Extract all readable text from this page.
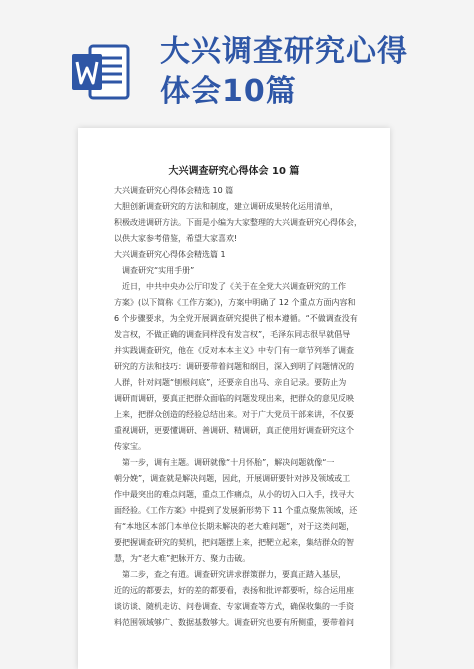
大兴调查研究心得
体会10篇
大兴调查研究心得体会 10 篇
大兴调查研究心得体会精选 10 篇
大胆创新调查研究的方法和制度，建立调研成果转化运用清单，
积极改进调研方法。下面是小编为大家整理的大兴调查研究心得体会，
以供大家参考借鉴，希望大家喜欢!
大兴调查研究心得体会精选篇 1
调查研究“实用手册”
近日，中共中央办公厅印发了《关于在全党大兴调查研究的工作
方案》(以下简称《工作方案》)，方案中明确了 12 个重点方面内容和
6 个步骤要求，为全党开展调查研究提供了根本遵循。“不做调查没有
发言权，不做正确的调查同样没有发言权”，毛泽东同志很早就倡导
并实践调查研究，他在《反对本本主义》中专门有一章节列举了调查
研究的方法和技巧：调研要带着问题和纲目，深入到明了问题情况的
人群，针对问题“刨根问底”，还要亲自出马、亲自记录。要防止为
调研而调研，要真正把群众面临的问题发现出来，把群众的意见反映
上来，把群众创造的经验总结出来。对于广大党员干部来讲，不仅要
重视调研，更要懂调研、善调研、精调研，真正使用好调查研究这个
传家宝。
第一步，调有主题。调研就像“十月怀胎”，解决问题就像“一
朝分娩”，调查就是解决问题，因此，开展调研要针对涉及领域或工
作中最突出的难点问题，重点工作痛点，从小的切入口入手，找寻大
面经验。《工作方案》中提到了发展新形势下 11 个重点聚焦领域，还
有“本地区本部门本单位长期未解决的老大难问题”，对于这类问题，
要把握调查研究的契机，把问题摆上来，把靶立起来，集结群众的智
慧，为“老大难”把脉开方、聚力击破。
第二步，查之有道。调查研究讲求群策群力，要真正踏入基层，
近的远的都要去，好的差的都要看，表扬和批评都要听，综合运用座
谈访谈、随机走访、问卷调查、专家调查等方式，确保收集的一手资
料范围领域够广、数据基数够大。调查研究也要有所侧重，要带着问
